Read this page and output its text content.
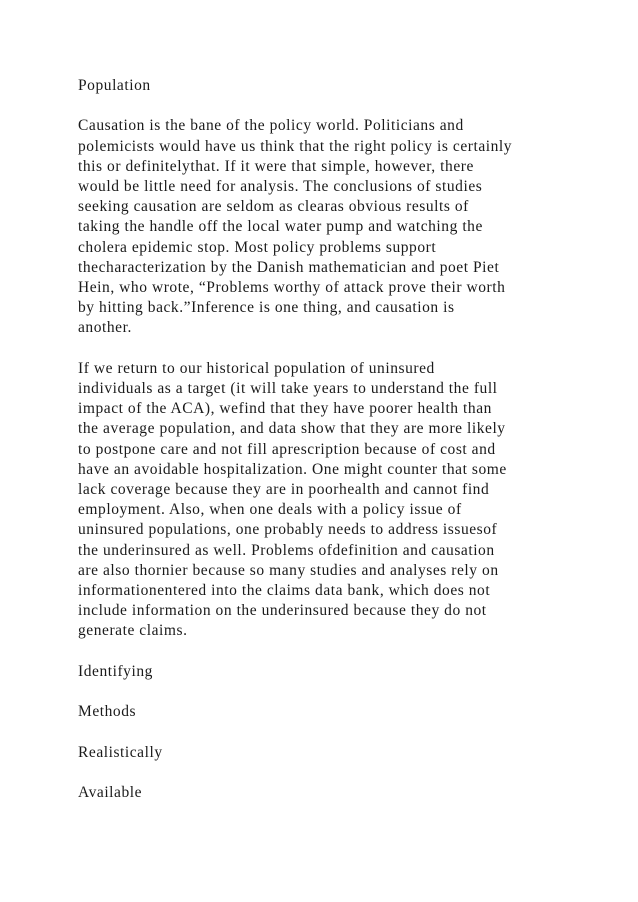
Population

Causation is the bane of the policy world. Politicians and
polemicists would have us think that the right policy is certainly
this or definitelythat. If it were that simple, however, there
would be little need for analysis. The conclusions of studies
seeking causation are seldom as clearas obvious results of
taking the handle off the local water pump and watching the
cholera epidemic stop. Most policy problems support
thecharacterization by the Danish mathematician and poet Piet
Hein, who wrote, “Problems worthy of attack prove their worth
by hitting back.”Inference is one thing, and causation is
another.

If we return to our historical population of uninsured
individuals as a target (it will take years to understand the full
impact of the ACA), wefind that they have poorer health than
the average population, and data show that they are more likely
to postpone care and not fill aprescription because of cost and
have an avoidable hospitalization. One might counter that some
lack coverage because they are in poorhealth and cannot find
employment. Also, when one deals with a policy issue of
uninsured populations, one probably needs to address issuesof
the underinsured as well. Problems ofdefinition and causation
are also thornier because so many studies and analyses rely on
informationentered into the claims data bank, which does not
include information on the underinsured because they do not
generate claims.

Identifying

Methods

Realistically

Available
